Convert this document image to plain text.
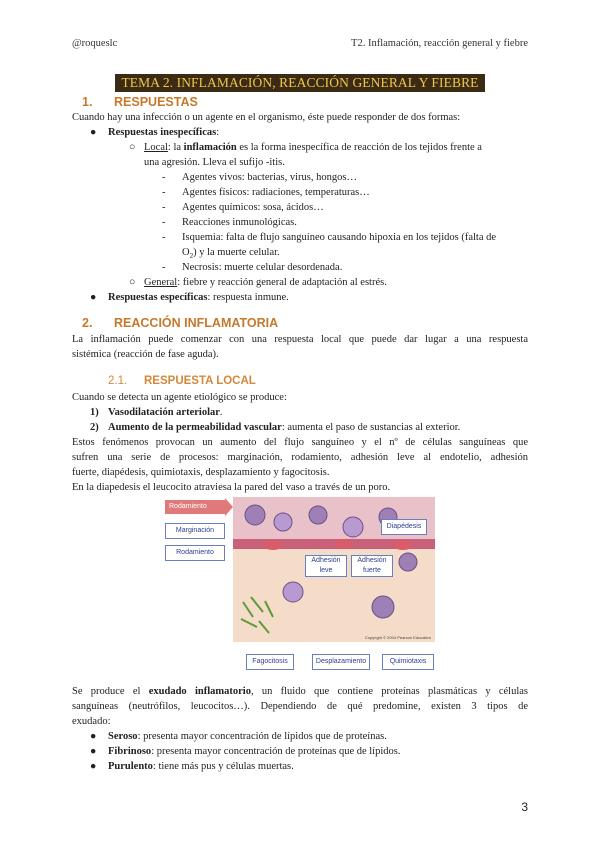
@roqueslc	T2. Inflamación, reacción general y fiebre
TEMA 2. INFLAMACIÓN, REACCIÓN GENERAL Y FIEBRE
1. RESPUESTAS
Cuando hay una infección o un agente en el organismo, éste puede responder de dos formas:
● Respuestas inespecíficas:
○ Local: la inflamación es la forma inespecífica de reacción de los tejidos frente a
una agresión. Lleva el sufijo -itis.
- Agentes vivos: bacterias, virus, hongos…
- Agentes físicos: radiaciones, temperaturas…
- Agentes químicos: sosa, ácidos…
- Reacciones inmunológicas.
- Isquemia: falta de flujo sanguíneo causando hipoxia en los tejidos (falta de
$O_2$) y la muerte celular.
- Necrosis: muerte celular desordenada.
○ General: fiebre y reacción general de adaptación al estrés.
● Respuestas específicas: respuesta inmune.
2. REACCIÓN INFLAMATORIA

La inflamación puede comenzar con una respuesta local que puede dar lugar a una respuesta

sistémica (reacción de fase aguda).
2.1. RESPUESTA LOCAL
Cuando se detecta un agente etiológico se produce:
1) Vasodilatación arteriolar.
2) Aumento de la permeabilidad vascular: aumenta el paso de sustancias al exterior.

Estos fenómenos provocan un aumento del flujo sanguíneo y el nº de células sanguíneas que

sufren una serie de procesos: marginación, rodamiento, adhesión leve al endotelio, adhesión

fuerte, diapédesis, quimiotaxis, desplazamiento y fagocitosis.
En la diapedesis el leucocito atraviesa la pared del vaso a través de un poro.
Rodamiento
Marginación
Rodamiento
Diapédesis
Adhesión leve
Adhesión fuerte
Copyright © 2004 Pearson Education
Fagocitosis	Desplazamiento	Quimiotaxis

Se produce el exudado inflamatorio, un fluido que contiene proteínas plasmáticas y células

sanguíneas (neutrófilos, leucocitos…). Dependiendo de qué predomine, existen 3 tipos de

exudado:
● Seroso: presenta mayor concentración de lípidos que de proteínas.
● Fibrinoso: presenta mayor concentración de proteínas que de lípidos.
● Purulento: tiene más pus y células muertas.
3
